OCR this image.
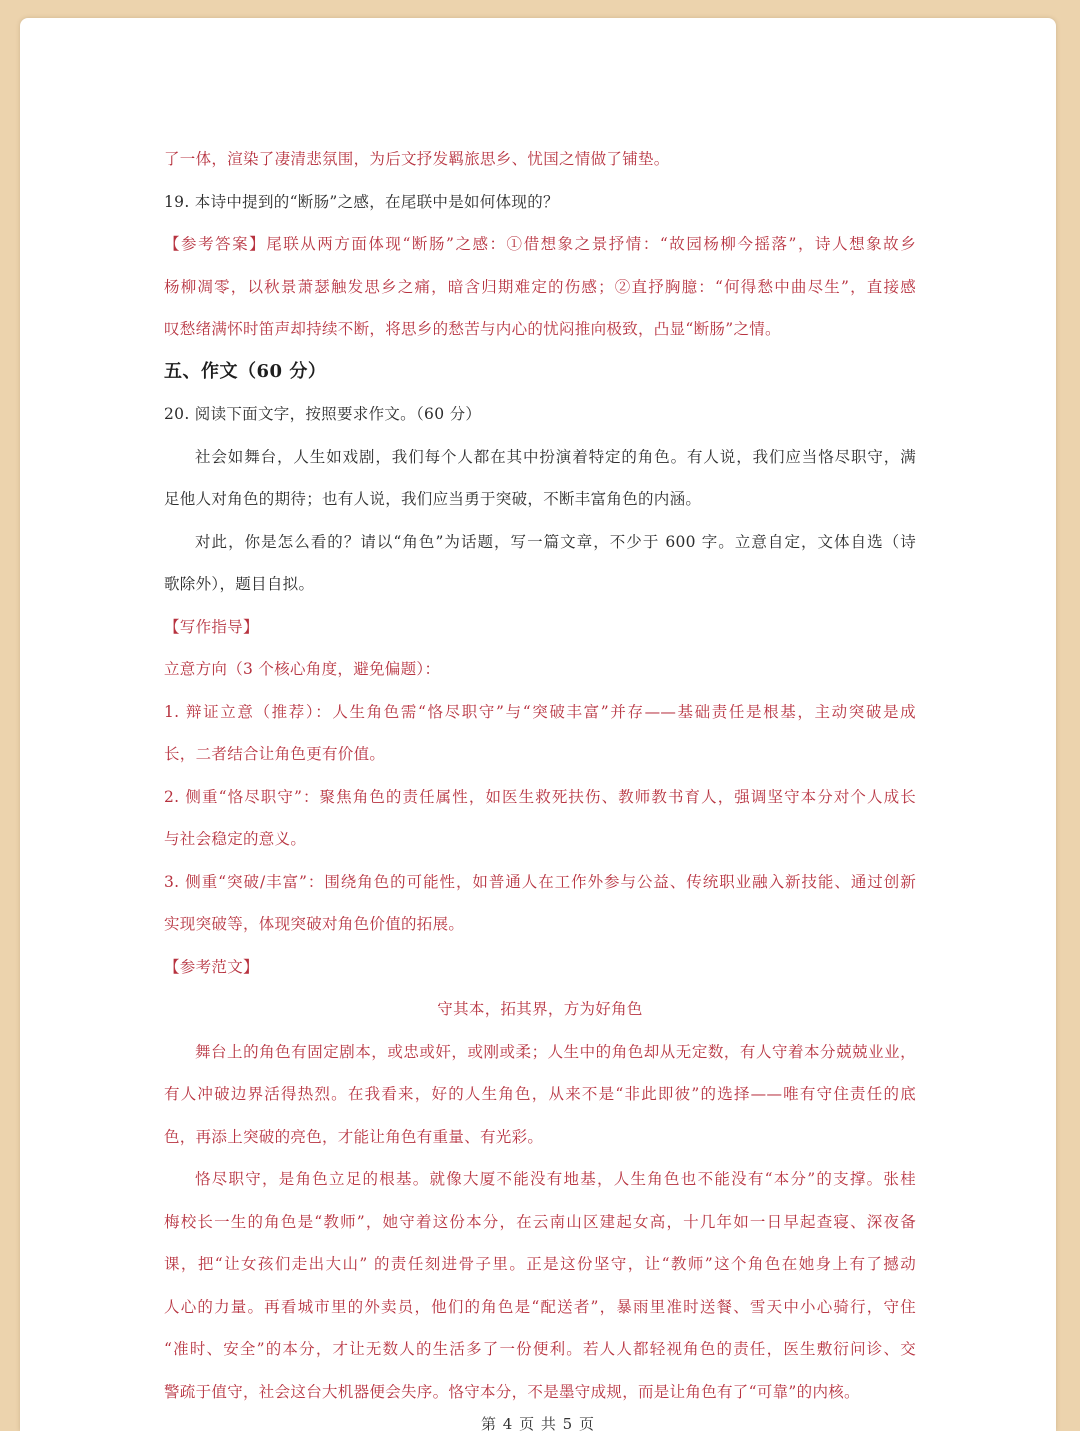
了一体，渲染了凄清悲氛围，为后文抒发羁旅思乡、忧国之情做了铺垫。
19. 本诗中提到的“断肠”之感，在尾联中是如何体现的？
【参考答案】尾联从两方面体现“断肠”之感：①借想象之景抒情：“故园杨柳今摇落”，诗人想象故乡
杨柳凋零，以秋景萧瑟触发思乡之痛，暗含归期难定的伤感；②直抒胸臆：“何得愁中曲尽生”，直接感
叹愁绪满怀时笛声却持续不断，将思乡的愁苦与内心的忧闷推向极致，凸显“断肠”之情。
五、作文（60 分）
20. 阅读下面文字，按照要求作文。（60 分）
社会如舞台，人生如戏剧，我们每个人都在其中扮演着特定的角色。有人说，我们应当恪尽职守，满
足他人对角色的期待；也有人说，我们应当勇于突破，不断丰富角色的内涵。
对此，你是怎么看的？请以“角色”为话题，写一篇文章，不少于 600 字。立意自定，文体自选（诗
歌除外），题目自拟。
【写作指导】
立意方向（3 个核心角度，避免偏题）：
1. 辩证立意（推荐）：人生角色需“恪尽职守”与“突破丰富”并存——基础责任是根基，主动突破是成
长，二者结合让角色更有价值。
2. 侧重“恪尽职守”：聚焦角色的责任属性，如医生救死扶伤、教师教书育人，强调坚守本分对个人成长
与社会稳定的意义。
3. 侧重“突破/丰富”：围绕角色的可能性，如普通人在工作外参与公益、传统职业融入新技能、通过创新
实现突破等，体现突破对角色价值的拓展。
【参考范文】
守其本，拓其界，方为好角色
舞台上的角色有固定剧本，或忠或奸，或刚或柔；人生中的角色却从无定数，有人守着本分兢兢业业，
有人冲破边界活得热烈。在我看来，好的人生角色，从来不是“非此即彼”的选择——唯有守住责任的底
色，再添上突破的亮色，才能让角色有重量、有光彩。
恪尽职守，是角色立足的根基。就像大厦不能没有地基，人生角色也不能没有“本分”的支撑。张桂
梅校长一生的角色是“教师”，她守着这份本分，在云南山区建起女高，十几年如一日早起查寝、深夜备
课，把“让女孩们走出大山” 的责任刻进骨子里。正是这份坚守，让“教师”这个角色在她身上有了撼动
人心的力量。再看城市里的外卖员，他们的角色是“配送者”，暴雨里准时送餐、雪天中小心骑行，守住
“准时、安全”的本分，才让无数人的生活多了一份便利。若人人都轻视角色的责任，医生敷衍问诊、交
警疏于值守，社会这台大机器便会失序。恪守本分，不是墨守成规，而是让角色有了“可靠”的内核。
第 4 页 共 5 页
